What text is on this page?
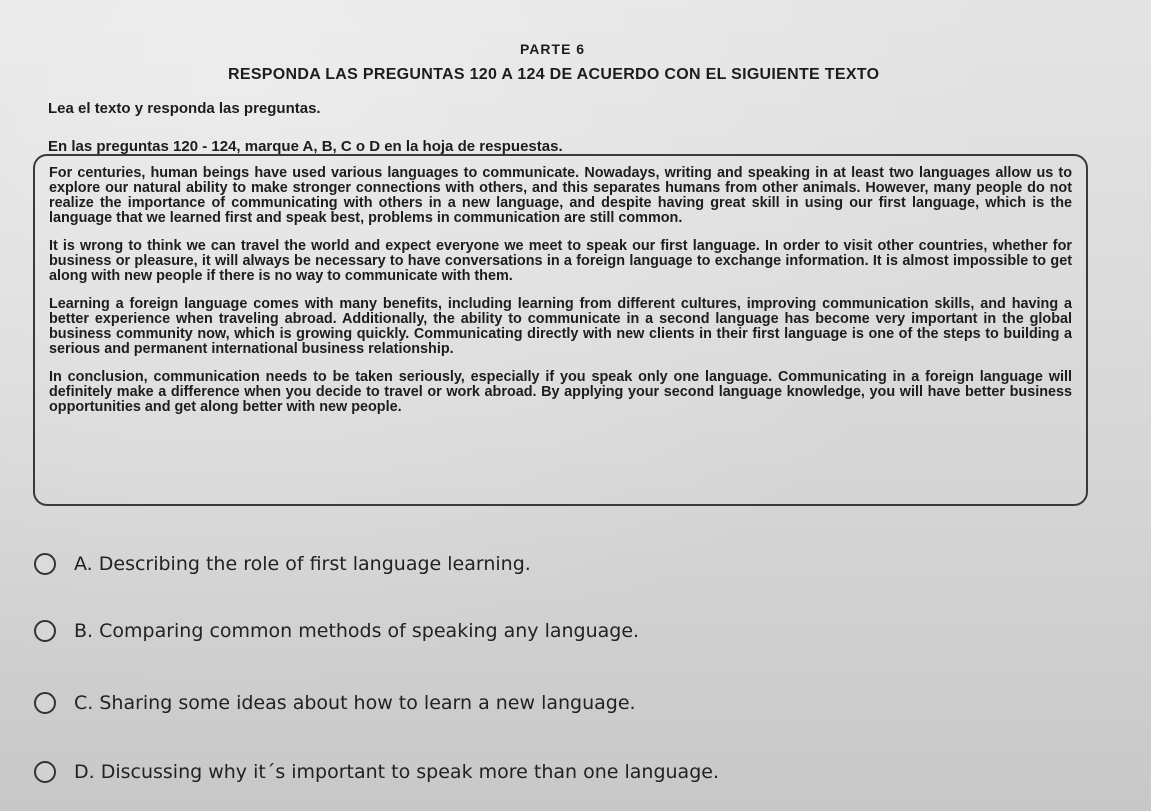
PARTE 6
RESPONDA LAS PREGUNTAS 120 A 124 DE ACUERDO CON EL SIGUIENTE TEXTO
Lea el texto y responda las preguntas.
En las preguntas 120 - 124, marque A, B, C o D en la hoja de respuestas.

For centuries, human beings have used various languages to communicate. Nowadays, writing and speaking in at least two languages allow us to explore our natural ability to make stronger connections with others, and this separates humans from other animals. However, many people do not realize the importance of communicating with others in a new language, and despite having great skill in using our first language, which is the language that we learned first and speak best, problems in communication are still common.

It is wrong to think we can travel the world and expect everyone we meet to speak our first language. In order to visit other countries, whether for business or pleasure, it will always be necessary to have conversations in a foreign language to exchange information. It is almost impossible to get along with new people if there is no way to communicate with them.

Learning a foreign language comes with many benefits, including learning from different cultures, improving communication skills, and having a better experience when traveling abroad. Additionally, the ability to communicate in a second language has become very important in the global business community now, which is growing quickly. Communicating directly with new clients in their first language is one of the steps to building a serious and permanent international business relationship.

In conclusion, communication needs to be taken seriously, especially if you speak only one language. Communicating in a foreign language will definitely make a difference when you decide to travel or work abroad. By applying your second language knowledge, you will have better business opportunities and get along better with new people.

A. Describing the role of first language learning.
B. Comparing common methods of speaking any language.
C. Sharing some ideas about how to learn a new language.
D. Discussing why it´s important to speak more than one language.
